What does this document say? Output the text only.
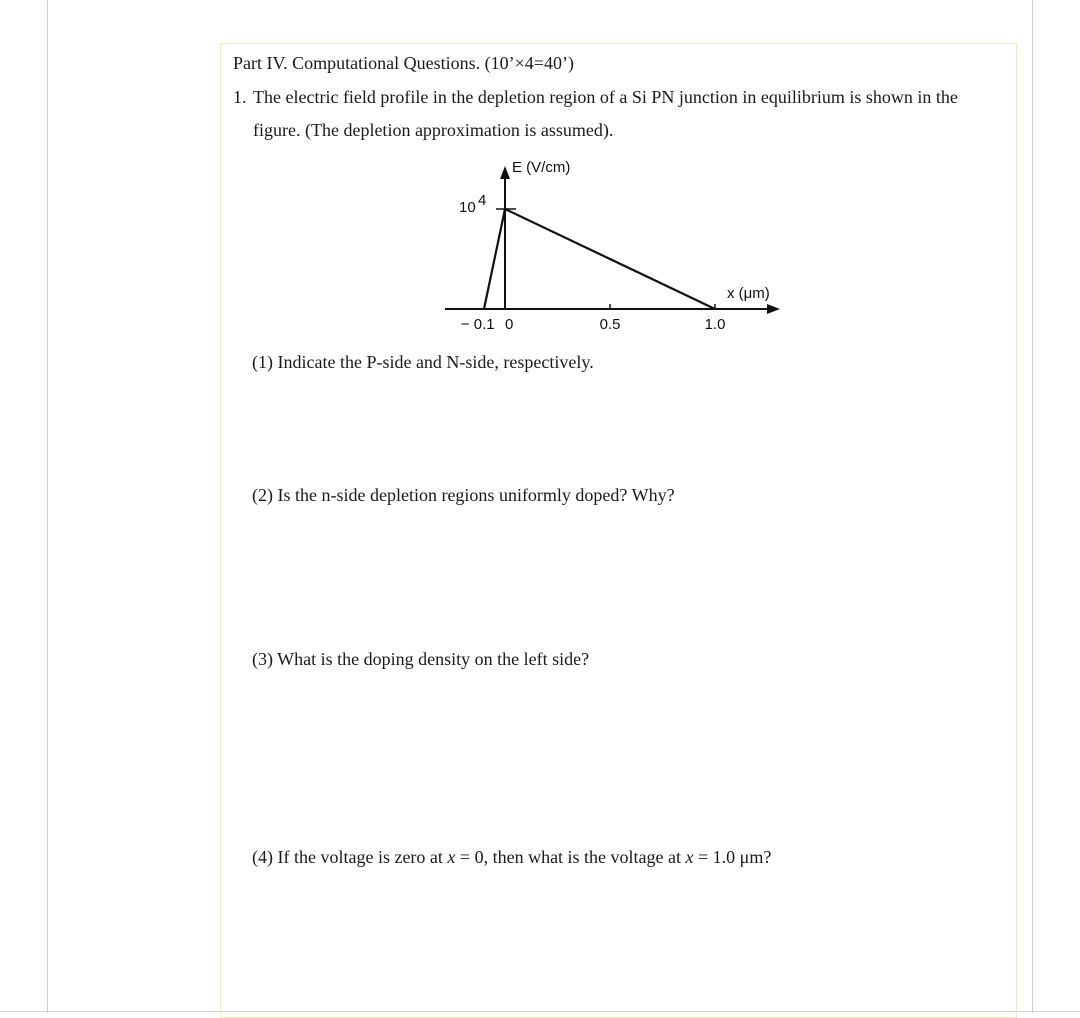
Part IV. Computational Questions. (10’×4=40’)
1. The electric field profile in the depletion region of a Si PN junction in equilibrium is shown in the
figure. (The depletion approximation is assumed).
E (V/cm)
x (μm)
10 4
− 0.1 0	0.5	1.0
(1) Indicate the P-side and N-side, respectively.
(2) Is the n-side depletion regions uniformly doped? Why?
(3) What is the doping density on the left side?
(4) If the voltage is zero at x = 0, then what is the voltage at x = 1.0 μm?
